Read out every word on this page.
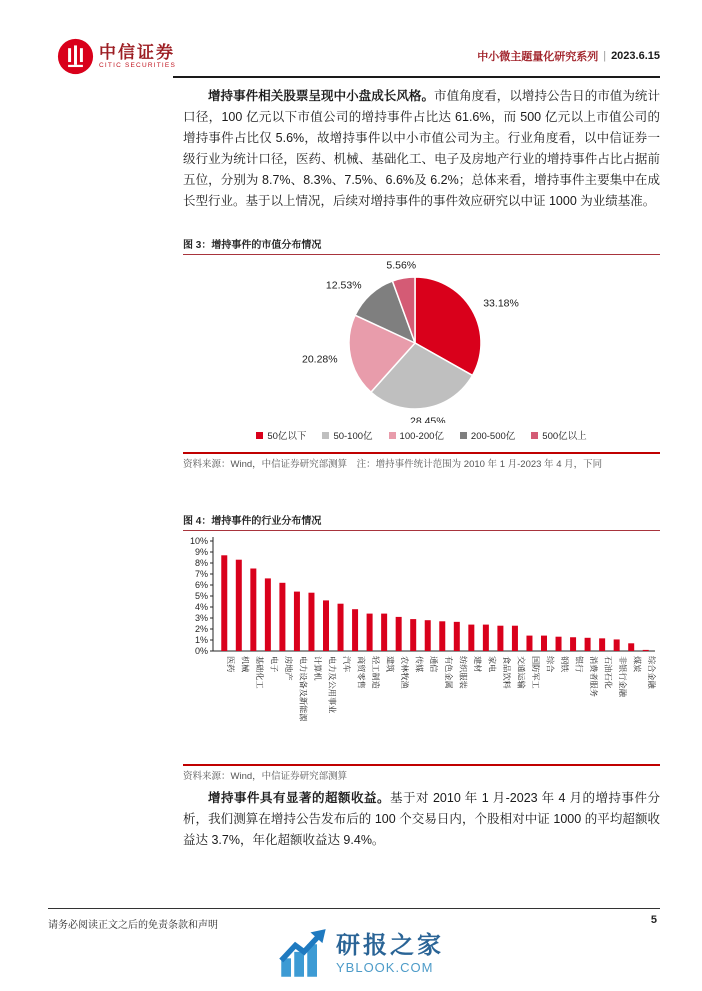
中信证券
CITIC SECURITIES
中小微主题量化研究系列 | 2023.6.15

增持事件相关股票呈现中小盘成长风格。市值角度看，以增持公告日的市值为统计口径，100 亿元以下市值公司的增持事件占比达 61.6%，而 500 亿元以上市值公司的增持事件占比仅 5.6%，故增持事件以中小市值公司为主。行业角度看，以中信证券一级行业为统计口径，医药、机械、基础化工、电子及房地产行业的增持事件占比占据前五位，分别为 8.7%、8.3%、7.5%、6.6%及 6.2%；总体来看，增持事件主要集中在成长型行业。基于以上情况，后续对增持事件的事件效应研究以中证 1000 为业绩基准。

图 3：增持事件的市值分布情况
33.18%
28.45%
20.28%
12.53%
5.56%
50亿以下	50-100亿	100-200亿	200-500亿	500亿以上
资料来源：Wind，中信证券研究部测算　注：增持事件统计范围为 2010 年 1 月-2023 年 4 月，下同
图 4：增持事件的行业分布情况
0%
1%
2%
3%
4%
5%
6%
7%
8%
9%
10%
医药 机械 基础化工 电子 房地产 电力设备及新能源 计算机 电力及公用事业 汽车 商贸零售 轻工制造 建筑 农林牧渔 传媒 通信 有色金属 纺织服装 建材 家电 食品饮料 交通运输 国防军工 综合 钢铁 银行 消费者服务 石油石化 非银行金融 煤炭 综合金融
资料来源：Wind，中信证券研究部测算

增持事件具有显著的超额收益。基于对 2010 年 1 月-2023 年 4 月的增持事件分析，我们测算在增持公告发布后的 100 个交易日内，个股相对中证 1000 的平均超额收益达 3.7%，年化超额收益达 9.4%。

请务必阅读正文之后的免责条款和声明	5
研报之家
YBLOOK.COM
